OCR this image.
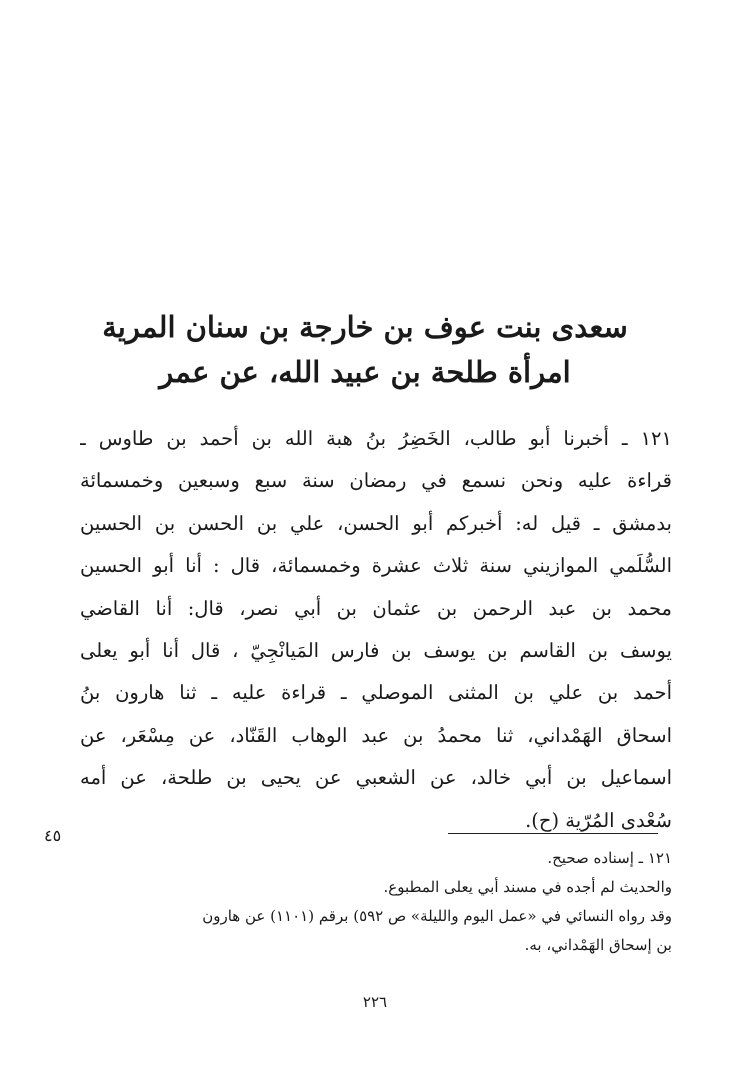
سعدى بنت عوف بن خارجة بن سنان المرية
امرأة طلحة بن عبيد الله، عن عمر
١٢١ ـ أخبرنا أبو طالب، الخَضِرُ بنُ هبة الله بن أحمد بن طاوس ـ
قراءة عليه ونحن نسمع في رمضان سنة سبع وسبعين وخمسمائة
بدمشق ـ قيل له: أخبركم أبو الحسن، علي بن الحسن بن الحسين
السُّلَمي الموازيني سنة ثلاث عشرة وخمسمائة، قال : أنا أبو الحسين
محمد بن عبد الرحمن بن عثمان بن أبي نصر، قال: أنا القاضي
يوسف بن القاسم بن يوسف بن فارس المَيانْجِيّ ، قال أنا أبو يعلى
أحمد بن علي بن المثنى الموصلي ـ قراءة عليه ـ ثنا هارون بنُ
اسحاق الهَمْداني، ثنا محمدُ بن عبد الوهاب القَنّاد، عن مِسْعَر، عن
اسماعيل بن أبي خالد، عن الشعبي عن يحيى بن طلحة، عن أمه
سُعْدى المُرّية (ح).
٤٥
١٢١ ـ إسناده صحيح.
والحديث لم أجده في مسند أبي يعلى المطبوع.
وقد رواه النسائي في «عمل اليوم والليلة» ص ٥٩٢) برقم (١١٠١) عن هارون
بن إسحاق الهَمْداني، به.
٢٢٦
